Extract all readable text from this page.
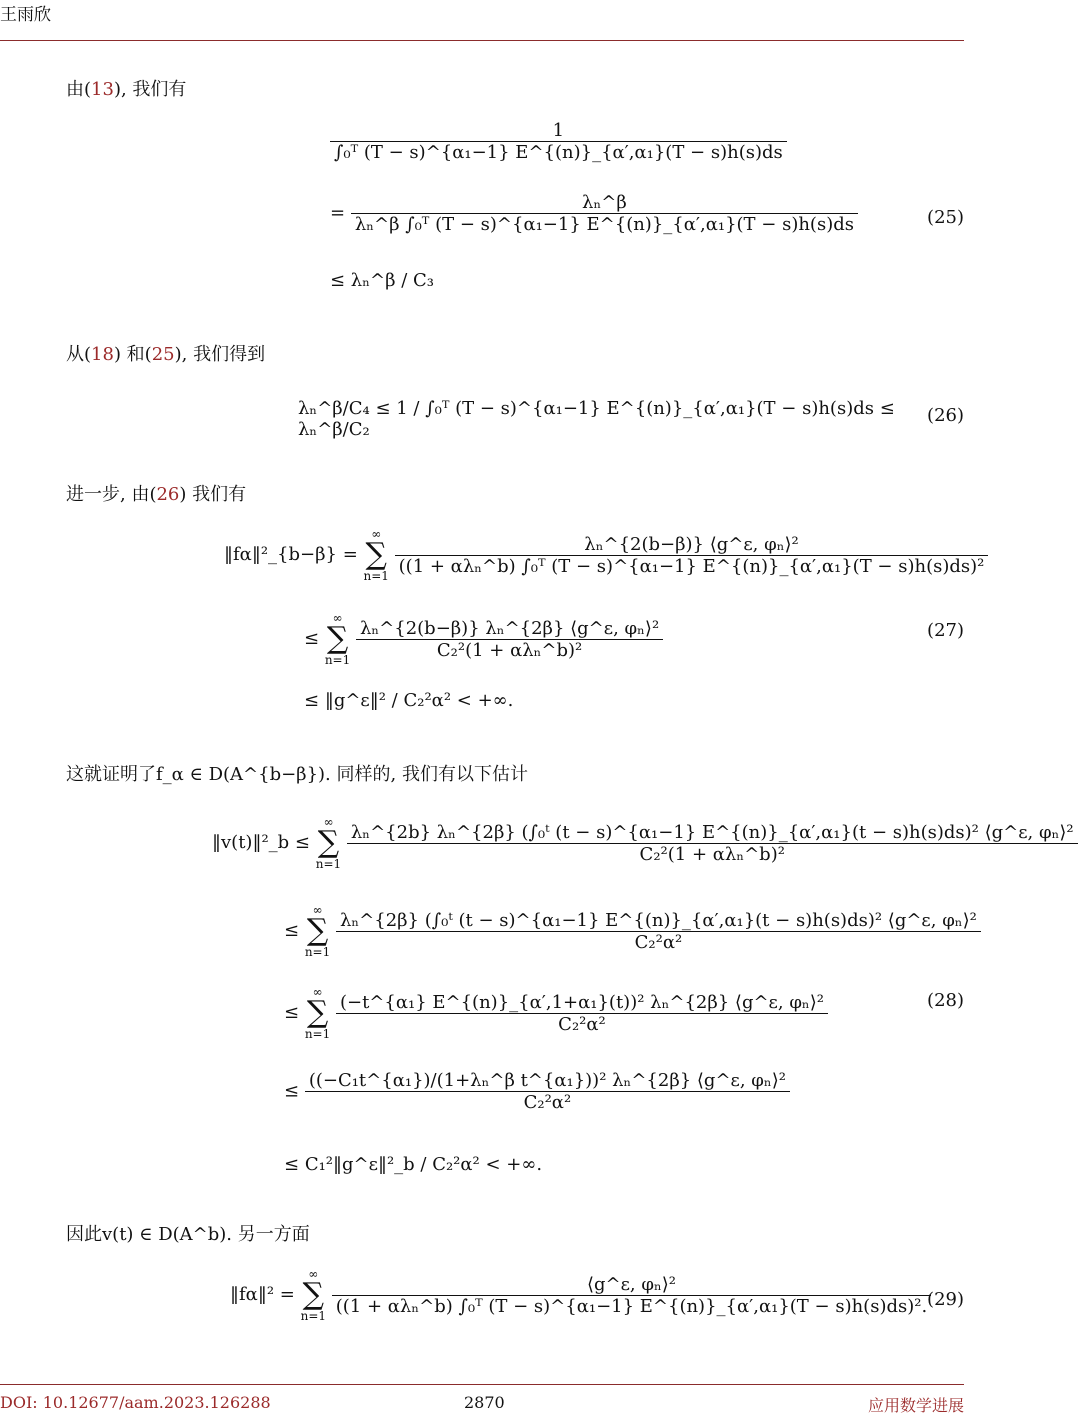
王雨欣
由(13), 我们有
$\frac{1}{\text{∫₀ᵀ (T − s)\textasciicircum{}\{α₁−1\} E\textasciicircum{}\{(n)\}\_\{α′,α₁\}(T − s)h(s)ds}}$
= $\frac{\text{λₙ\textasciicircum{}β}}{\text{λₙ\textasciicircum{}β ∫₀ᵀ (T − s)\textasciicircum{}\{α₁−1\} E\textasciicircum{}\{(n)\}\_\{α′,α₁\}(T − s)h(s)ds}}$
≤ λₙ^β / C₃
(25)
从(18) 和(25), 我们得到
λₙ^β/C₄ ≤ 1 / ∫₀ᵀ (T − s)^{α₁−1} E^{(n)}_{α′,α₁}(T − s)h(s)ds ≤ λₙ^β/C₂
(26)
进一步, 由(26) 我们有
‖fα‖²_{b−β} =
∞
∑
n=1

λₙ^{2(b−β)} ⟨g^ε, φₙ⟩²
((1 + αλₙ^b) ∫₀ᵀ (T − s)^{α₁−1} E^{(n)}_{α′,α₁}(T − s)h(s)ds)²
≤
∞
∑
n=1
$\frac{\text{λₙ\textasciicircum{}\{2(b−β)\} λₙ\textasciicircum{}\{2β\} ⟨g\textasciicircum{}ε, φₙ⟩²}}{\text{C₂²(1 + αλₙ\textasciicircum{}b)²}}$
≤ ‖g^ε‖² / C₂²α² < +∞.
(27)
这就证明了f_α ∈ D(A^{b−β}). 同样的, 我们有以下估计
‖v(t)‖²_b ≤
∞
∑
n=1

λₙ^{2b} λₙ^{2β} (∫₀ᵗ (t − s)^{α₁−1} E^{(n)}_{α′,α₁}(t − s)h(s)ds)² ⟨g^ε, φₙ⟩²
C₂²(1 + αλₙ^b)²
≤
∞
∑
n=1

λₙ^{2β} (∫₀ᵗ (t − s)^{α₁−1} E^{(n)}_{α′,α₁}(t − s)h(s)ds)² ⟨g^ε, φₙ⟩²
C₂²α²
≤
∞
∑
n=1
$\frac{\text{(−t\textasciicircum{}\{α₁\} E\textasciicircum{}\{(n)\}\_\{α′,1+α₁\}(t))² λₙ\textasciicircum{}\{2β\} ⟨g\textasciicircum{}ε, φₙ⟩²}}{\text{C₂²α²}}$
≤ $\frac{\text{((−C₁t\textasciicircum{}\{α₁\})/(1+λₙ\textasciicircum{}β t\textasciicircum{}\{α₁\}))² λₙ\textasciicircum{}\{2β\} ⟨g\textasciicircum{}ε, φₙ⟩²}}{\text{C₂²α²}}$
≤ C₁²‖g^ε‖²_b / C₂²α² < +∞.
(28)
因此v(t) ∈ D(A^b). 另一方面
‖fα‖² =
∞
∑
n=1

⟨g^ε, φₙ⟩²
((1 + αλₙ^b) ∫₀ᵀ (T − s)^{α₁−1} E^{(n)}_{α′,α₁}(T − s)h(s)ds)². (29)
DOI: 10.12677/aam.2023.126288	2870	应用数学进展
